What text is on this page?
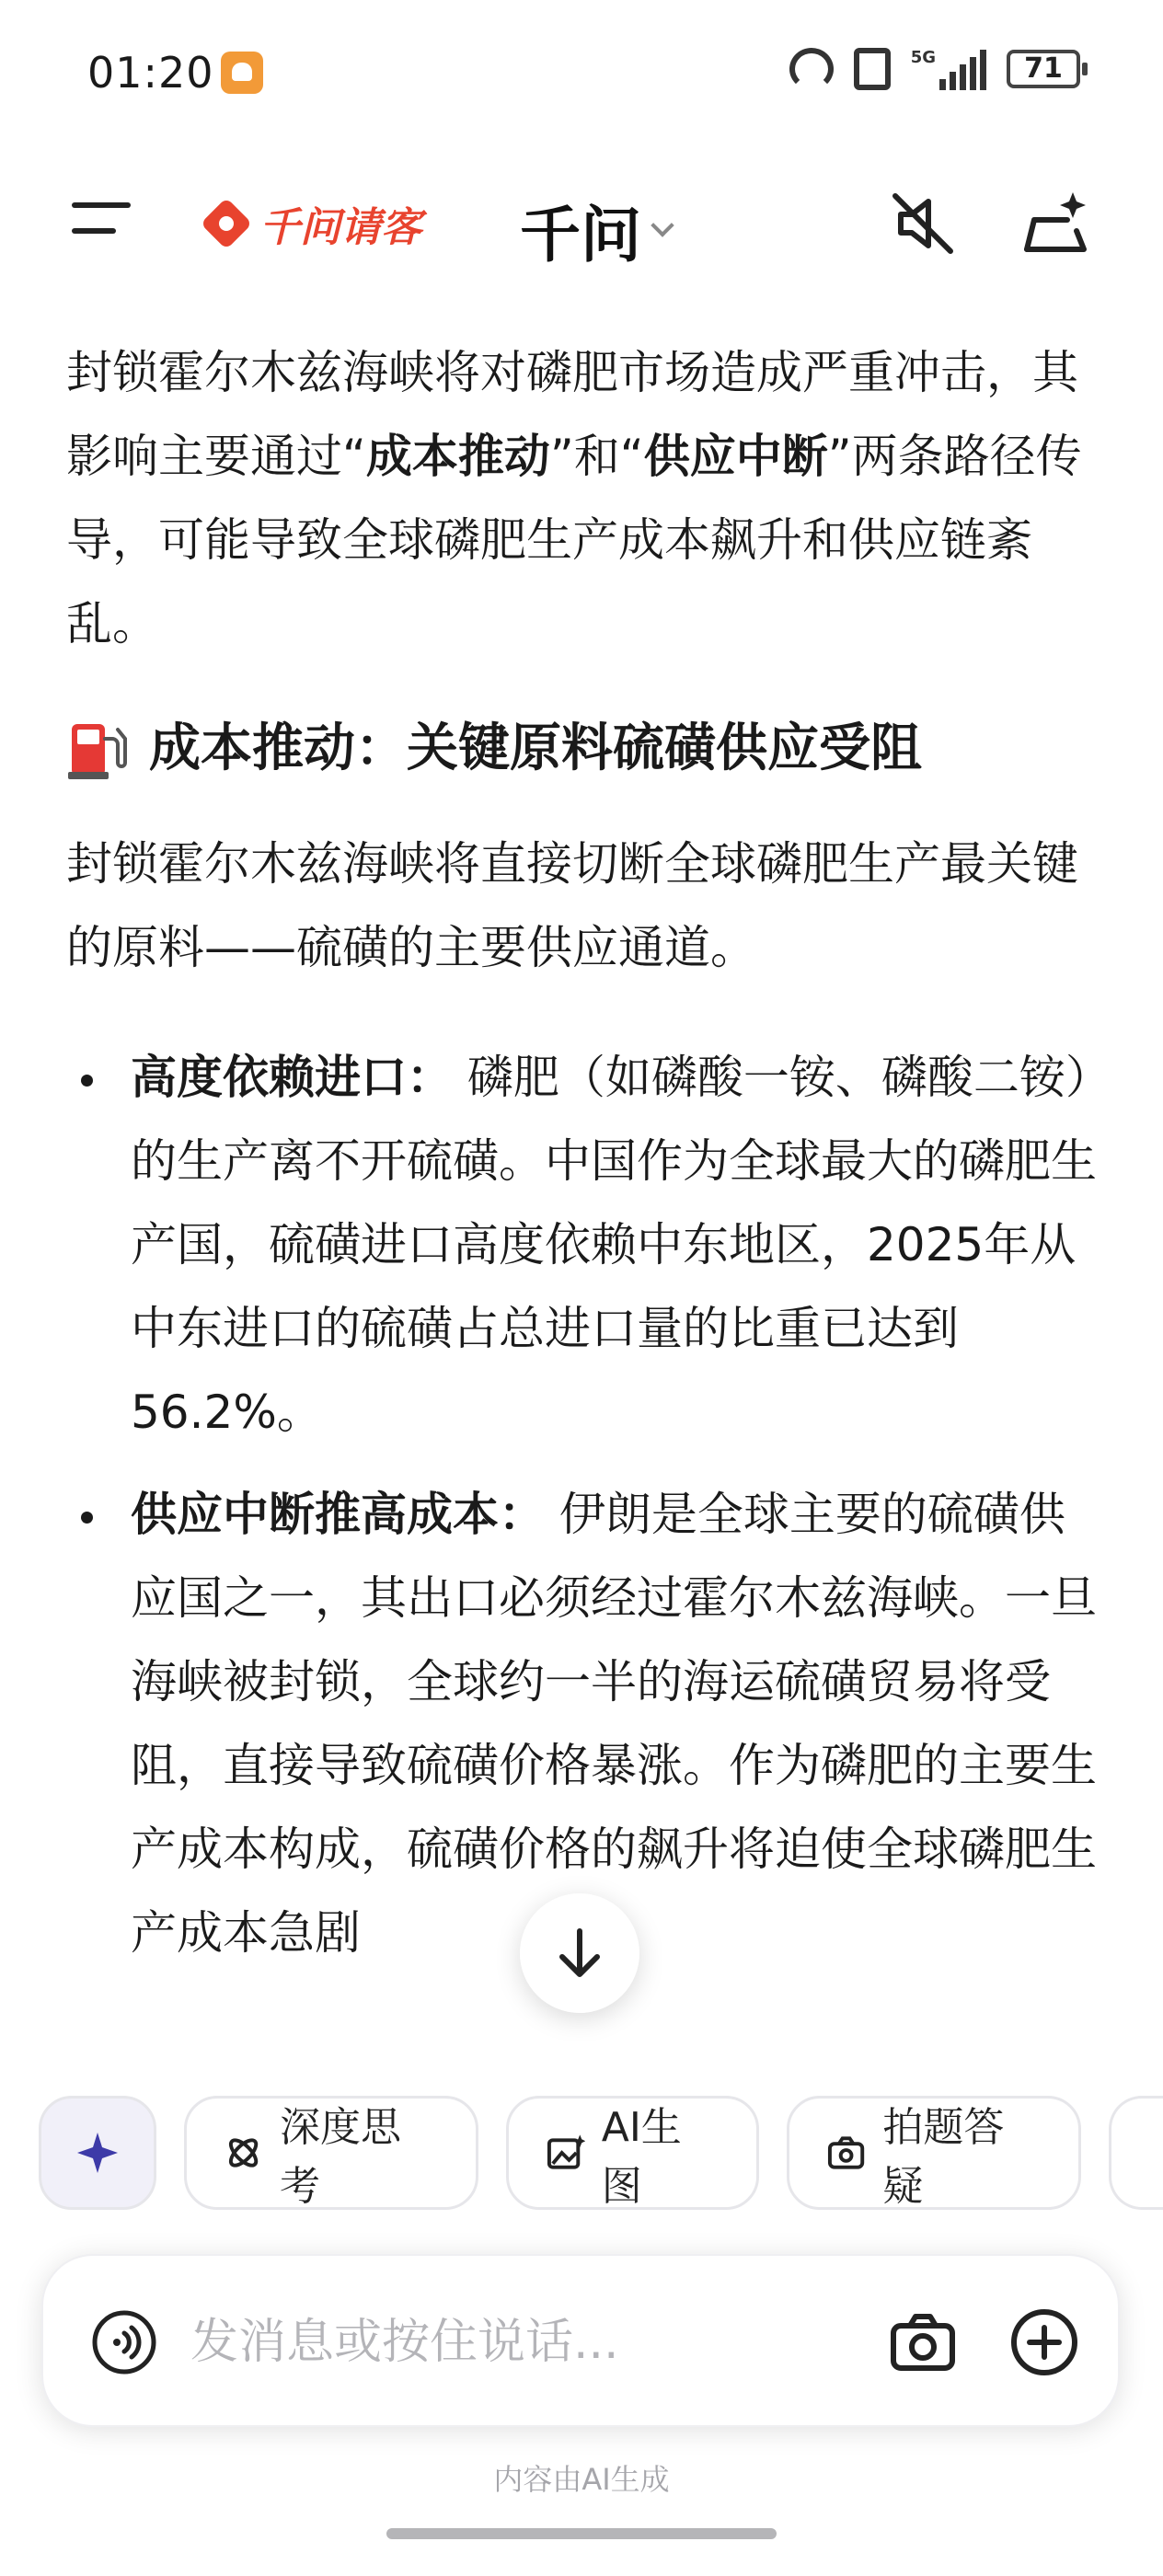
01:20	5G	71
千问请客 千问

封锁霍尔木兹海峡将对磷肥市场造成严重冲击，其影响主要通过“成本推动”和“供应中断”两条路径传导，可能导致全球磷肥生产成本飙升和供应链紊乱。

成本推动：关键原料硫磺供应受阻

封锁霍尔木兹海峡将直接切断全球磷肥生产最关键的原料——硫磺的主要供应通道。

高度依赖进口： 磷肥（如磷酸一铵、磷酸二铵）的生产离不开硫磺。中国作为全球最大的磷肥生产国，硫磺进口高度依赖中东地区，2025年从中东进口的硫磺占总进口量的比重已达到56.2%。
供应中断推高成本： 伊朗是全球主要的硫磺供应国之一，其出口必须经过霍尔木兹海峡。一旦海峡被封锁，全球约一半的海运硫磺贸易将受阻，直接导致硫磺价格暴涨。作为磷肥的主要生产成本构成，硫磺价格的飙升将迫使全球磷肥生产成本急剧
深度思考
AI生图
拍题答疑
发消息或按住说话...
内容由AI生成
